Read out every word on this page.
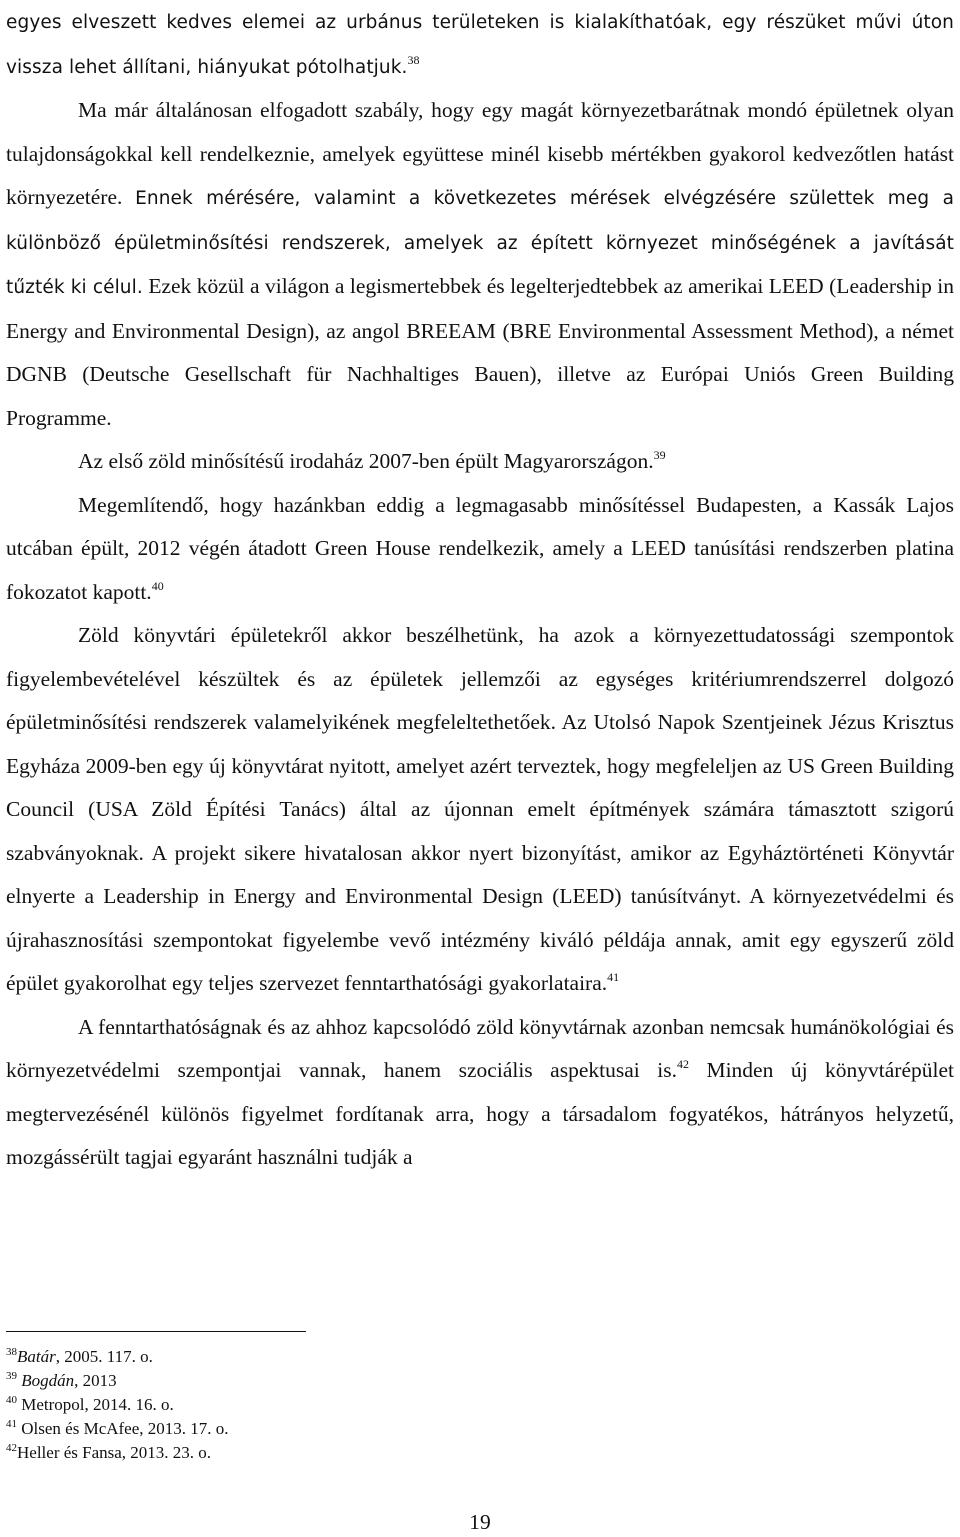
egyes elveszett kedves elemei az urbánus területeken is kialakíthatóak, egy részüket művi úton vissza lehet állítani, hiányukat pótolhatjuk.$^{38}$

Ma már általánosan elfogadott szabály, hogy egy magát környezetbarátnak mondó épületnek olyan tulajdonságokkal kell rendelkeznie, amelyek együttese minél kisebb mértékben gyakorol kedvezőtlen hatást környezetére. Ennek mérésére, valamint a következetes mérések elvégzésére születtek meg a különböző épületminősítési rendszerek, amelyek az épített környezet minőségének a javítását tűzték ki célul. Ezek közül a világon a legismertebbek és legelterjedtebbek az amerikai LEED (Leadership in Energy and Environmental Design), az angol BREEAM (BRE Environmental Assessment Method), a német DGNB (Deutsche Gesellschaft für Nachhaltiges Bauen), illetve az Európai Uniós Green Building Programme.

Az első zöld minősítésű irodaház 2007-ben épült Magyarországon.$^{39}$

Megemlítendő, hogy hazánkban eddig a legmagasabb minősítéssel Budapesten, a Kassák Lajos utcában épült, 2012 végén átadott Green House rendelkezik, amely a LEED tanúsítási rendszerben platina fokozatot kapott.$^{40}$

Zöld könyvtári épületekről akkor beszélhetünk, ha azok a környezettudatossági szempontok figyelembevételével készültek és az épületek jellemzői az egységes kritériumrendszerrel dolgozó épületminősítési rendszerek valamelyikének megfeleltethetőek. Az Utolsó Napok Szentjeinek Jézus Krisztus Egyháza 2009-ben egy új könyvtárat nyitott, amelyet azért terveztek, hogy megfeleljen az US Green Building Council (USA Zöld Építési Tanács) által az újonnan emelt építmények számára támasztott szigorú szabványoknak. A projekt sikere hivatalosan akkor nyert bizonyítást, amikor az Egyháztörténeti Könyvtár elnyerte a Leadership in Energy and Environmental Design (LEED) tanúsítványt. A környezetvédelmi és újrahasznosítási szempontokat figyelembe vevő intézmény kiváló példája annak, amit egy egyszerű zöld épület gyakorolhat egy teljes szervezet fenntarthatósági gyakorlataira.$^{41}$

A fenntarthatóságnak és az ahhoz kapcsolódó zöld könyvtárnak azonban nemcsak humánökológiai és környezetvédelmi szempontjai vannak, hanem szociális aspektusai is.$^{42}$ Minden új könyvtárépület megtervezésénél különös figyelmet fordítanak arra, hogy a társadalom fogyatékos, hátrányos helyzetű, mozgássérült tagjai egyaránt használni tudják a

$^{38}$Batár, 2005. 117. o.
$^{39}$ Bogdán, 2013
$^{40}$ Metropol, 2014. 16. o.
$^{41}$ Olsen és McAfee, 2013. 17. o.
$^{42}$Heller és Fansa, 2013. 23. o.
19
